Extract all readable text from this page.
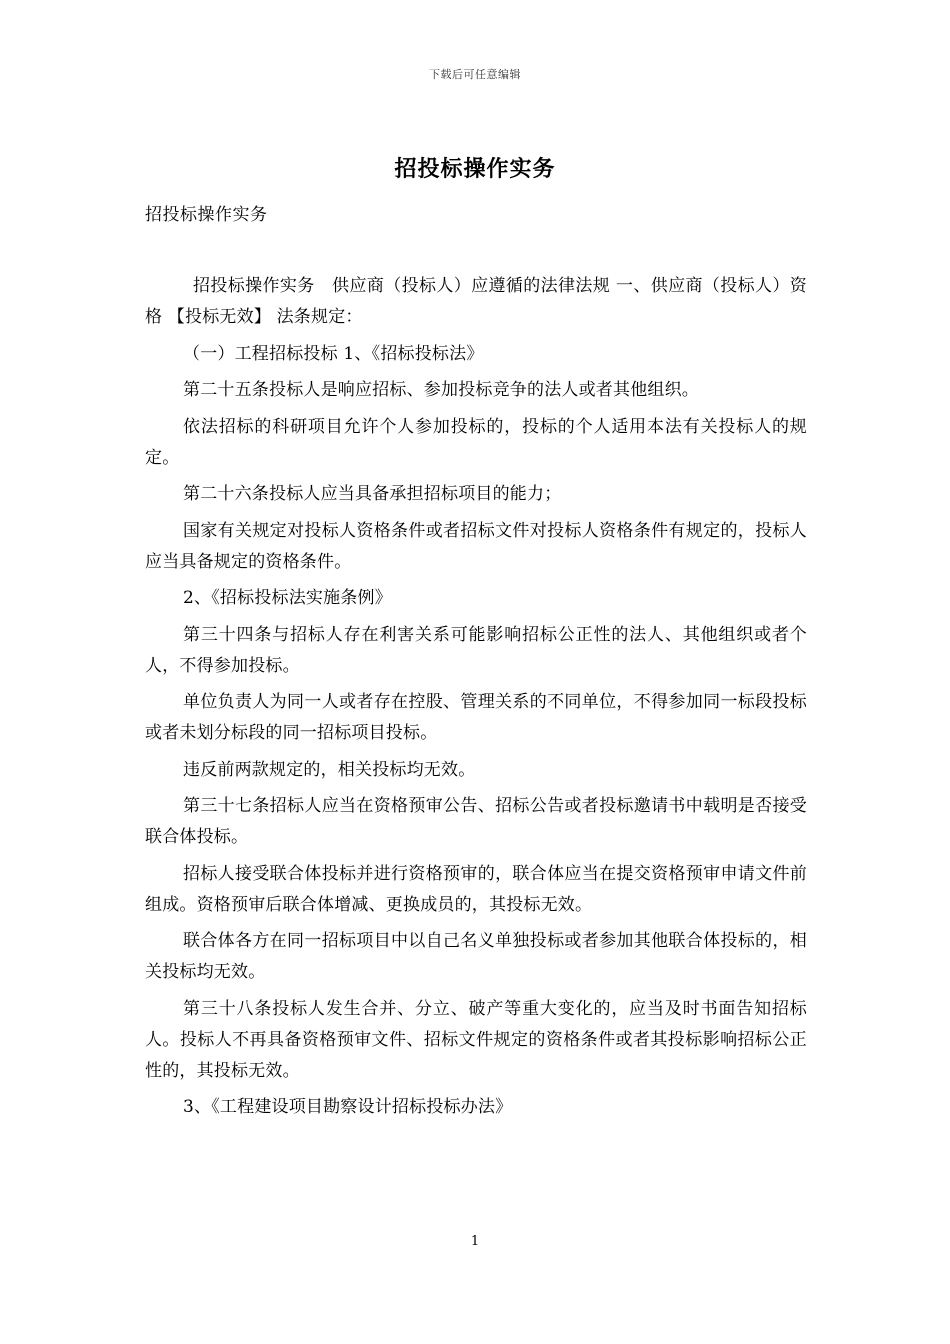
下载后可任意编辑
招投标操作实务
招投标操作实务

招投标操作实务　供应商（投标人）应遵循的法律法规 一、供应商（投标人）资格 【投标无效】 法条规定：

（一）工程招标投标 1、《招标投标法》

第二十五条投标人是响应招标、参加投标竞争的法人或者其他组织。

依法招标的科研项目允许个人参加投标的，投标的个人适用本法有关投标人的规定。

第二十六条投标人应当具备承担招标项目的能力；

国家有关规定对投标人资格条件或者招标文件对投标人资格条件有规定的，投标人应当具备规定的资格条件。

2、《招标投标法实施条例》

第三十四条与招标人存在利害关系可能影响招标公正性的法人、其他组织或者个人，不得参加投标。

单位负责人为同一人或者存在控股、管理关系的不同单位，不得参加同一标段投标或者未划分标段的同一招标项目投标。

违反前两款规定的，相关投标均无效。

第三十七条招标人应当在资格预审公告、招标公告或者投标邀请书中载明是否接受联合体投标。

招标人接受联合体投标并进行资格预审的，联合体应当在提交资格预审申请文件前组成。资格预审后联合体增减、更换成员的，其投标无效。

联合体各方在同一招标项目中以自己名义单独投标或者参加其他联合体投标的，相关投标均无效。

第三十八条投标人发生合并、分立、破产等重大变化的，应当及时书面告知招标人。投标人不再具备资格预审文件、招标文件规定的资格条件或者其投标影响招标公正性的，其投标无效。

3、《工程建设项目勘察设计招标投标办法》

1
